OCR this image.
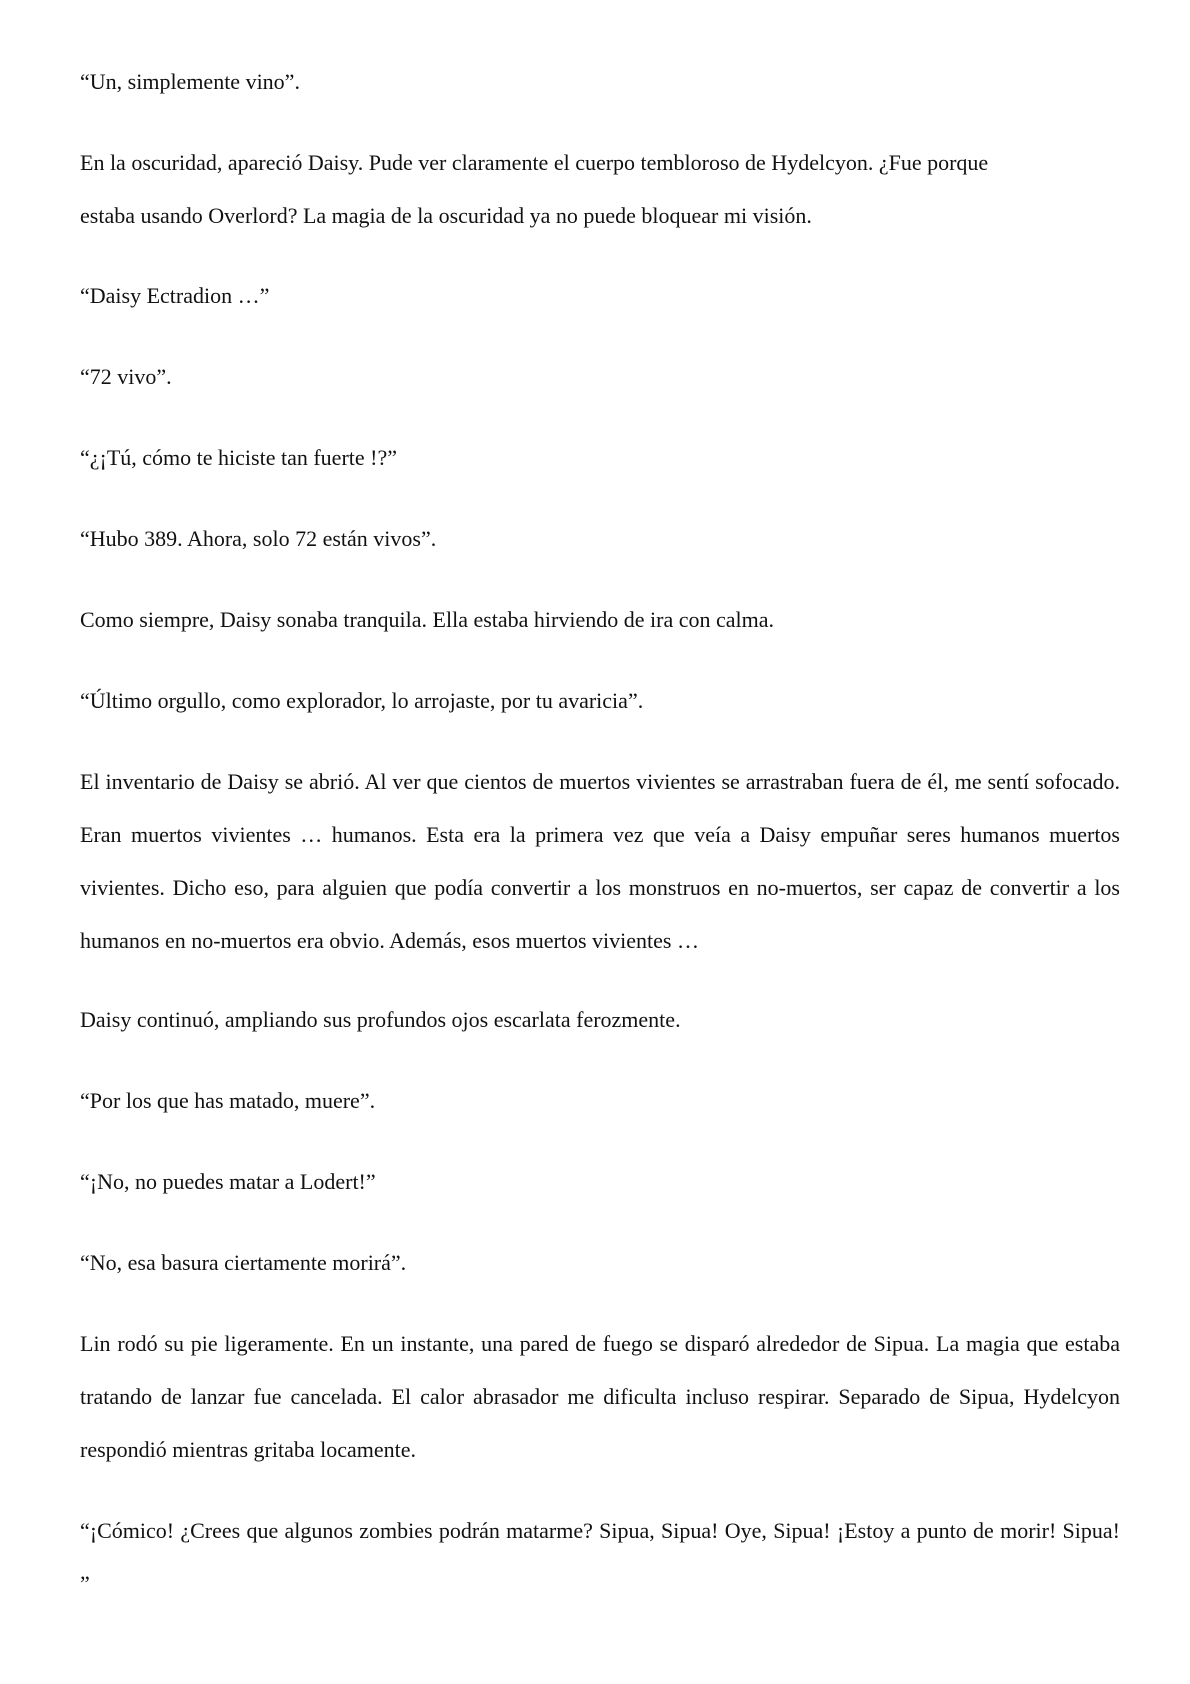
“Un, simplemente vino”.

En la oscuridad, apareció Daisy. Pude ver claramente el cuerpo tembloroso de Hydelcyon. ¿Fue porque estaba usando Overlord? La magia de la oscuridad ya no puede bloquear mi visión.

“Daisy Ectradion …”

“72 vivo”.

“¿¡Tú, cómo te hiciste tan fuerte !?”

“Hubo 389. Ahora, solo 72 están vivos”.

Como siempre, Daisy sonaba tranquila. Ella estaba hirviendo de ira con calma.

“Último orgullo, como explorador, lo arrojaste, por tu avaricia”.

El inventario de Daisy se abrió. Al ver que cientos de muertos vivientes se arrastraban fuera de él, me sentí sofocado. Eran muertos vivientes … humanos. Esta era la primera vez que veía a Daisy empuñar seres humanos muertos vivientes. Dicho eso, para alguien que podía convertir a los monstruos en no-muertos, ser capaz de convertir a los humanos en no-muertos era obvio. Además, esos muertos vivientes …

Daisy continuó, ampliando sus profundos ojos escarlata ferozmente.

“Por los que has matado, muere”.

“¡No, no puedes matar a Lodert!”

“No, esa basura ciertamente morirá”.

Lin rodó su pie ligeramente. En un instante, una pared de fuego se disparó alrededor de Sipua. La magia que estaba tratando de lanzar fue cancelada. El calor abrasador me dificulta incluso respirar. Separado de Sipua, Hydelcyon respondió mientras gritaba locamente.

“¡Cómico! ¿Crees que algunos zombies podrán matarme? Sipua, Sipua! Oye, Sipua! ¡Estoy a punto de morir! Sipua! ”
